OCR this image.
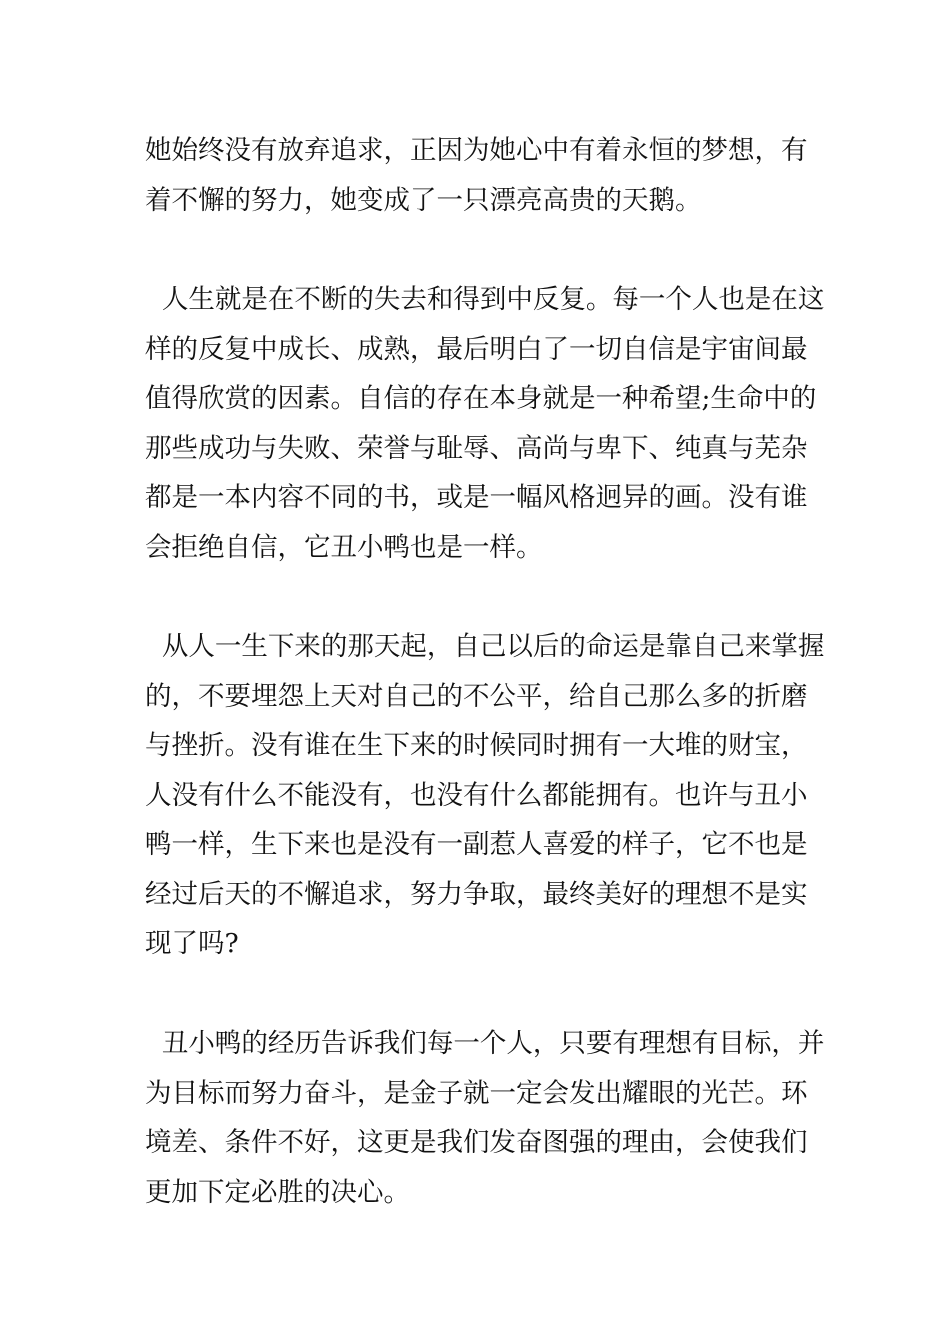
她始终没有放弃追求，正因为她心中有着永恒的梦想，有
着不懈的努力，她变成了一只漂亮高贵的天鹅。
人生就是在不断的失去和得到中反复。每一个人也是在这
样的反复中成长、成熟，最后明白了一切自信是宇宙间最
值得欣赏的因素。自信的存在本身就是一种希望;生命中的
那些成功与失败、荣誉与耻辱、高尚与卑下、纯真与芜杂
都是一本内容不同的书，或是一幅风格迥异的画。没有谁
会拒绝自信，它丑小鸭也是一样。
从人一生下来的那天起，自己以后的命运是靠自己来掌握
的，不要埋怨上天对自己的不公平，给自己那么多的折磨
与挫折。没有谁在生下来的时候同时拥有一大堆的财宝，
人没有什么不能没有，也没有什么都能拥有。也许与丑小
鸭一样，生下来也是没有一副惹人喜爱的样子，它不也是
经过后天的不懈追求，努力争取，最终美好的理想不是实
现了吗?
丑小鸭的经历告诉我们每一个人，只要有理想有目标，并
为目标而努力奋斗，是金子就一定会发出耀眼的光芒。环
境差、条件不好，这更是我们发奋图强的理由，会使我们
更加下定必胜的决心。
